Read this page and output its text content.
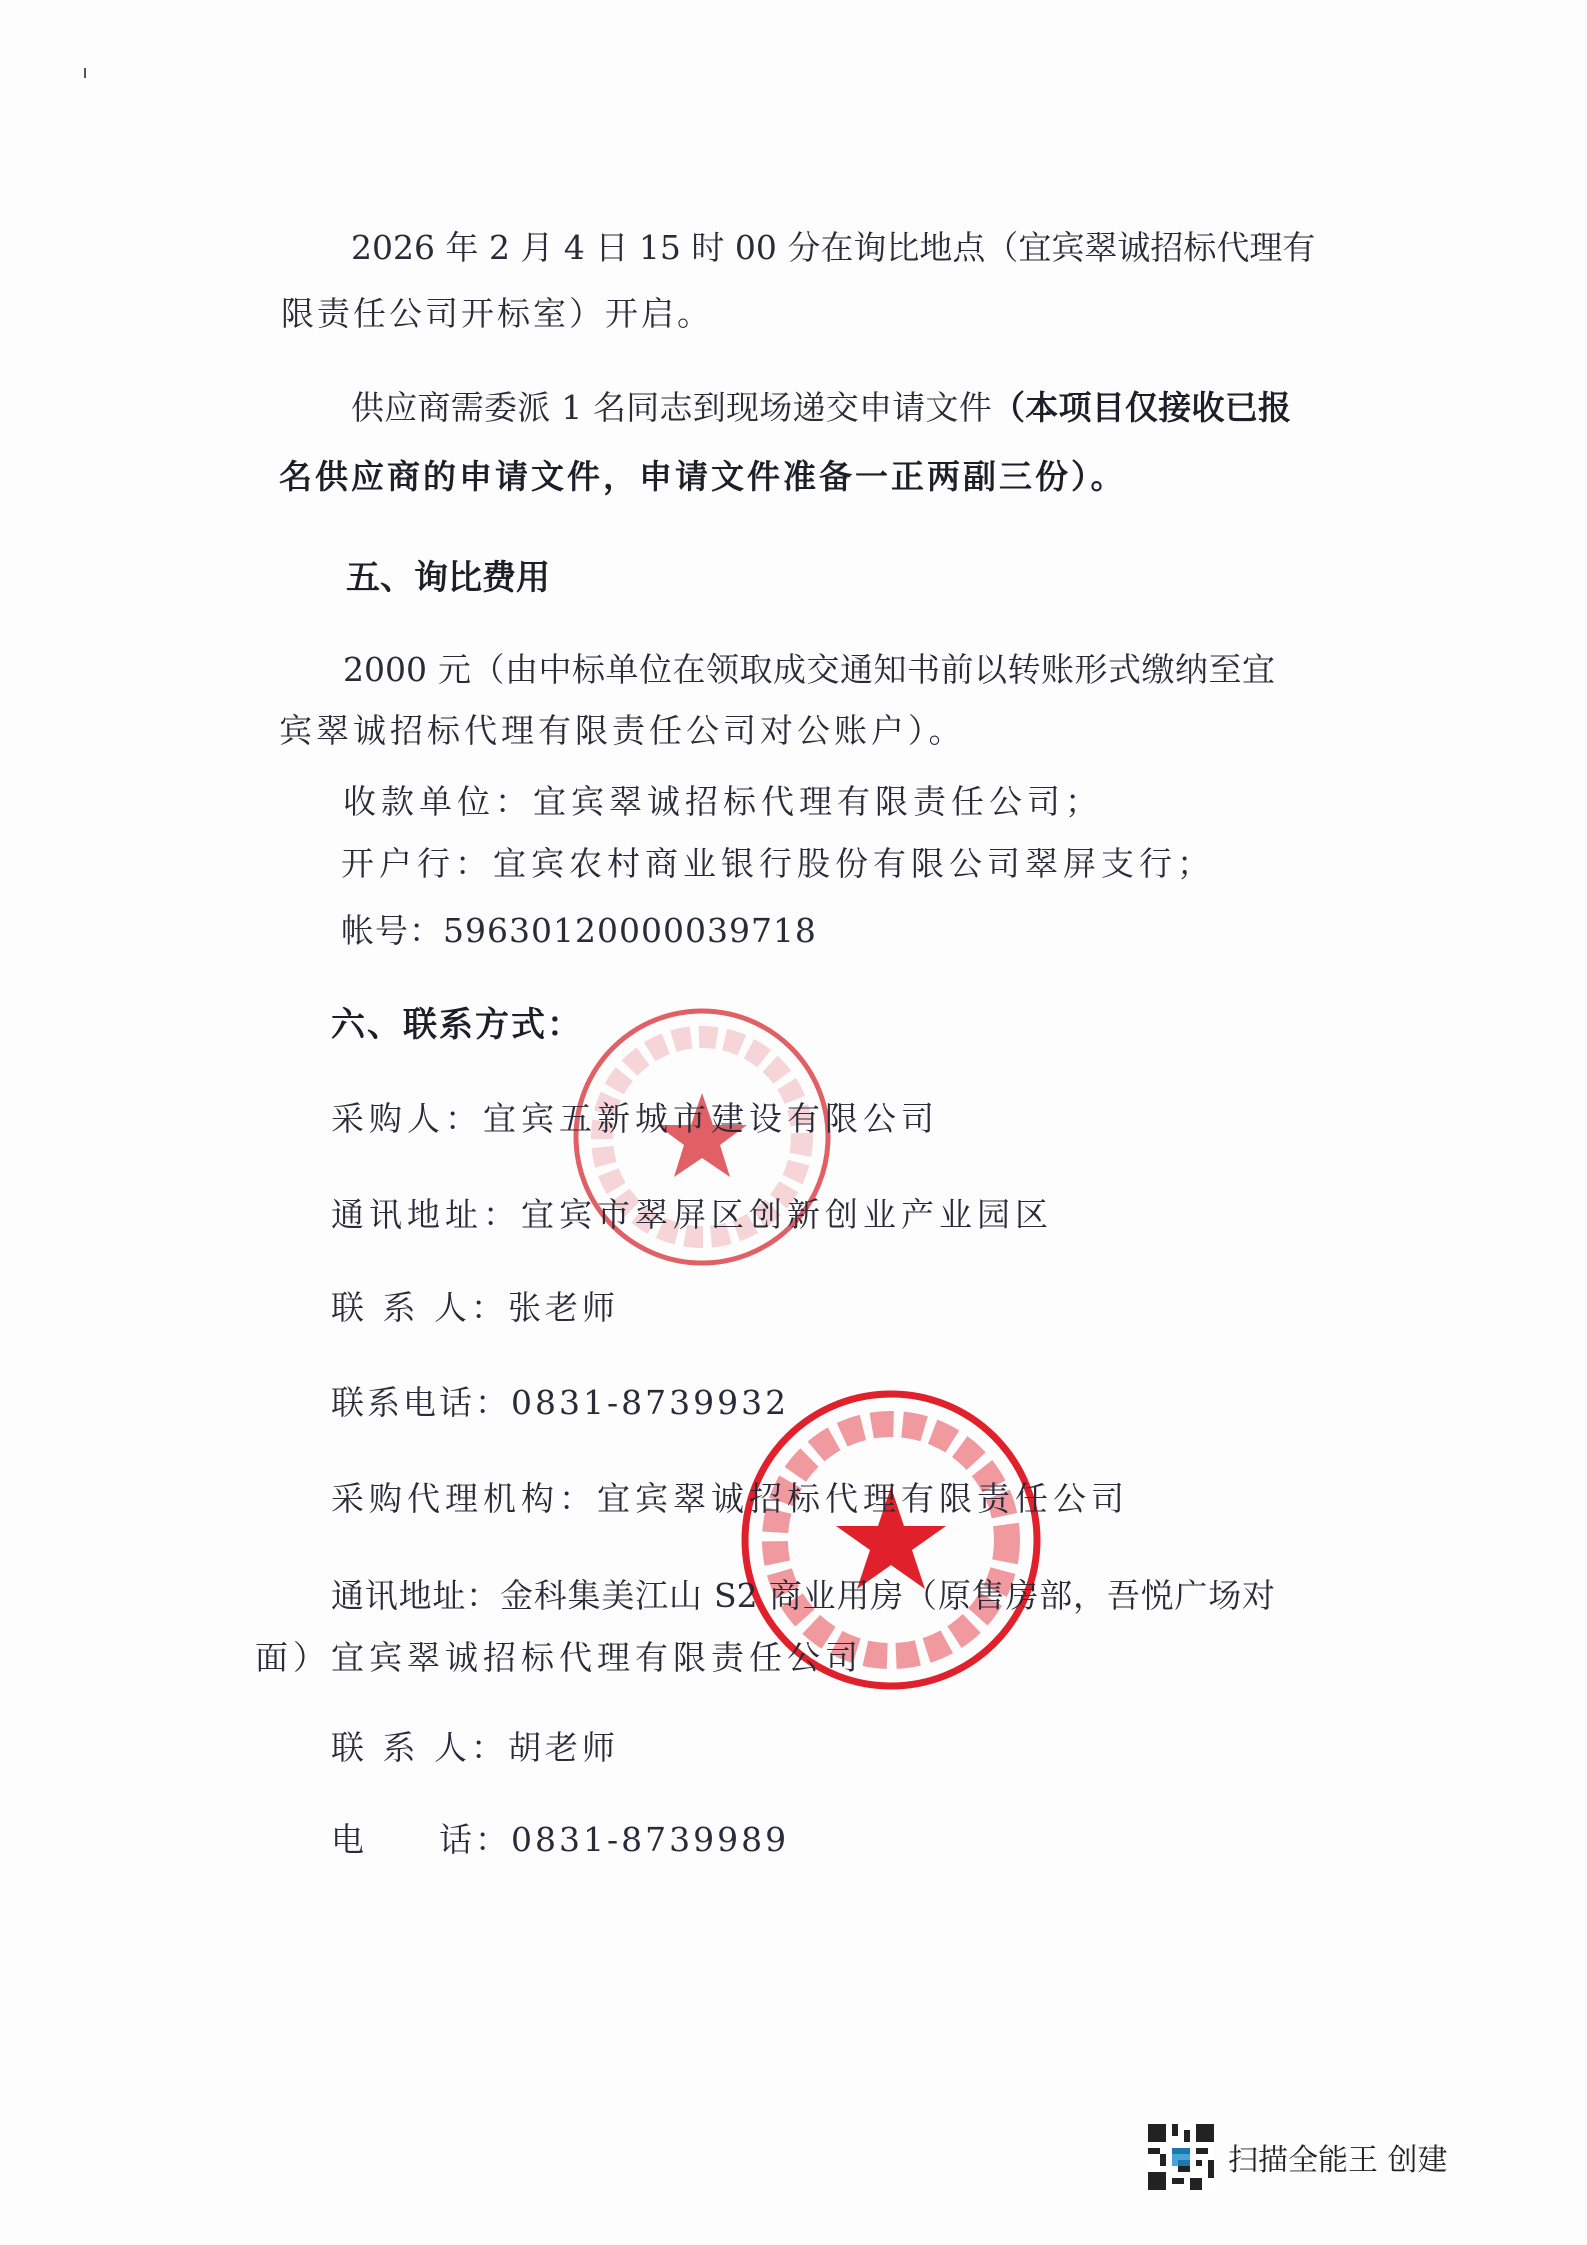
2026 年 2 月 4 日 15 时 00 分在询比地点（宜宾翠诚招标代理有
限责任公司开标室）开启。
供应商需委派 1 名同志到现场递交申请文件（本项目仅接收已报
名供应商的申请文件，申请文件准备一正两副三份）。
五、询比费用
2000 元（由中标单位在领取成交通知书前以转账形式缴纳至宜
宾翠诚招标代理有限责任公司对公账户）。
收款单位：宜宾翠诚招标代理有限责任公司；
开户行：宜宾农村商业银行股份有限公司翠屏支行；
帐号：59630120000039718
六、联系方式：
采购人：宜宾五新城市建设有限公司
通讯地址：宜宾市翠屏区创新创业产业园区
联 系 人：张老师
联系电话：0831-8739932
采购代理机构：宜宾翠诚招标代理有限责任公司
通讯地址：金科集美江山 S2 商业用房（原售房部，吾悦广场对
面）宜宾翠诚招标代理有限责任公司
联 系 人：胡老师
电　　话：0831-8739989
扫描全能王 创建
